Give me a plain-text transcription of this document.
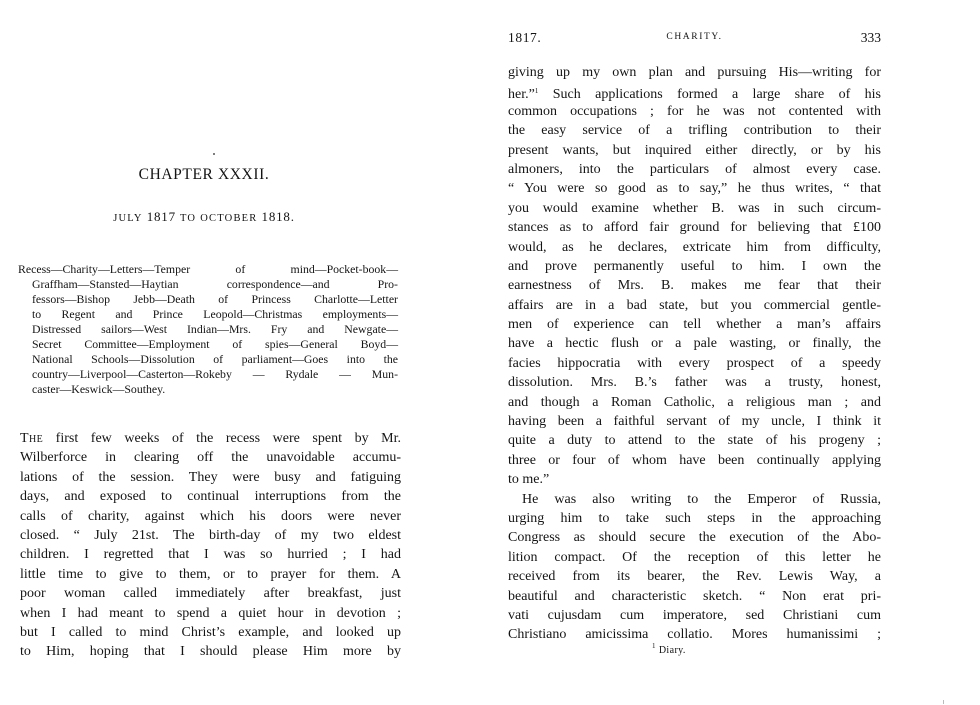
CHAPTER XXXII.
JULY 1817 TO OCTOBER 1818.
Recess—Charity—Letters—Temper of mind—Pocket-book—
Graffham—Stansted—Haytian correspondence—and Pro-
fessors—Bishop Jebb—Death of Princess Charlotte—Letter
to Regent and Prince Leopold—Christmas employments—
Distressed sailors—West Indian—Mrs. Fry and Newgate—
Secret Committee—Employment of spies—General Boyd—
National Schools—Dissolution of parliament—Goes into the
country—Liverpool—Casterton—Rokeby — Rydale — Mun-
caster—Keswick—Southey.
The first few weeks of the recess were spent by Mr.
Wilberforce in clearing off the unavoidable accumu-
lations of the session. They were busy and fatiguing
days, and exposed to continual interruptions from the
calls of charity, against which his doors were never
closed. “ July 21st. The birth-day of my two eldest
children. I regretted that I was so hurried ; I had
little time to give to them, or to prayer for them. A
poor woman called immediately after breakfast, just
when I had meant to spend a quiet hour in devotion ;
but I called to mind Christ’s example, and looked up
to Him, hoping that I should please Him more by
1817.	CHARITY.	333
giving up my own plan and pursuing His—writing for
her.”$^1$ Such applications formed a large share of his
common occupations ; for he was not contented with
the easy service of a trifling contribution to their
present wants, but inquired either directly, or by his
almoners, into the particulars of almost every case.
“ You were so good as to say,” he thus writes, “ that
you would examine whether B. was in such circum-
stances as to afford fair ground for believing that £100
would, as he declares, extricate him from difficulty,
and prove permanently useful to him. I own the
earnestness of Mrs. B. makes me fear that their
affairs are in a bad state, but you commercial gentle-
men of experience can tell whether a man’s affairs
have a hectic flush or a pale wasting, or finally, the
facies hippocratia with every prospect of a speedy
dissolution. Mrs. B.’s father was a trusty, honest,
and though a Roman Catholic, a religious man ; and
having been a faithful servant of my uncle, I think it
quite a duty to attend to the state of his progeny ;
three or four of whom have been continually applying
to me.”
He was also writing to the Emperor of Russia,
urging him to take such steps in the approaching
Congress as should secure the execution of the Abo-
lition compact. Of the reception of this letter he
received from its bearer, the Rev. Lewis Way, a
beautiful and characteristic sketch. “ Non erat pri-
vati cujusdam cum imperatore, sed Christiani cum
Christiano amicissima collatio. Mores humanissimi ;
$^1$ Diary.
